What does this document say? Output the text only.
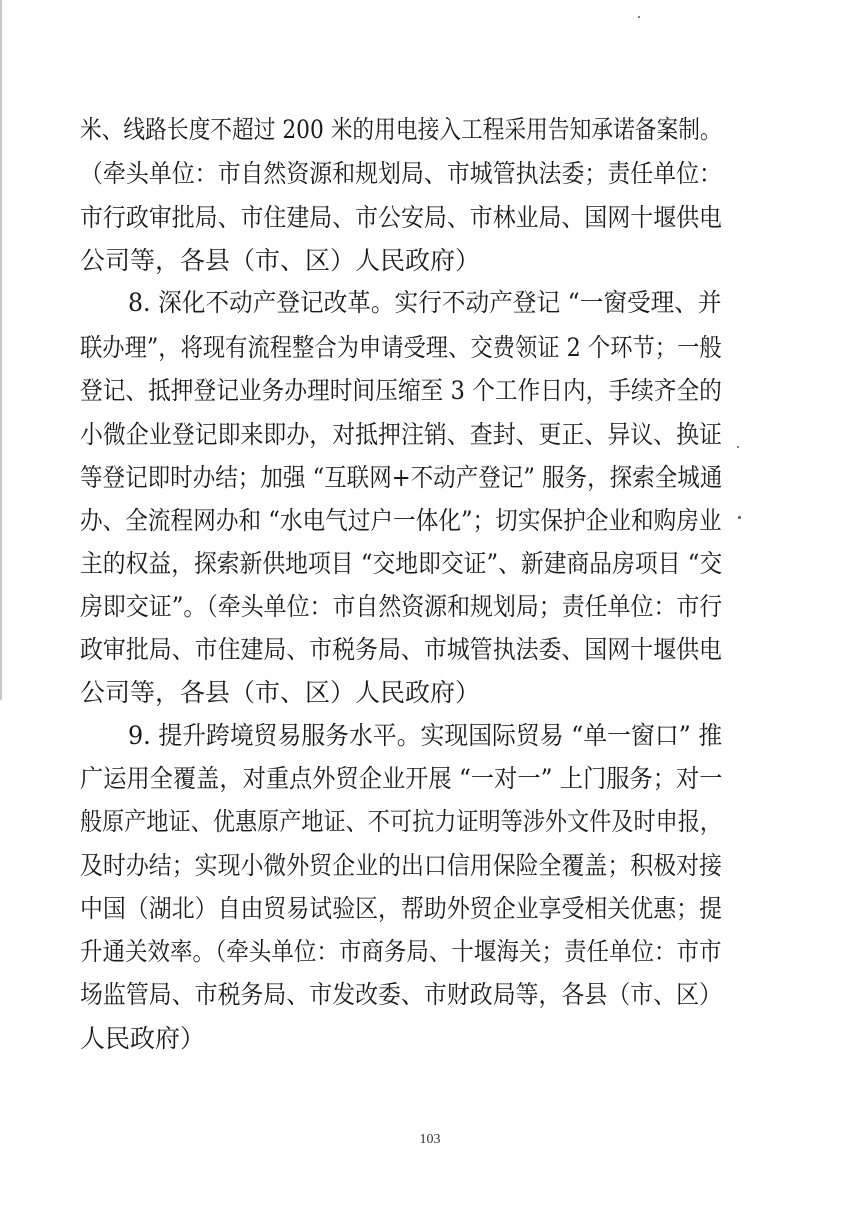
米、线路长度不超过 200 米的用电接入工程采用告知承诺备案制。
（牵头单位：市自然资源和规划局、市城管执法委；责任单位：
市行政审批局、市住建局、市公安局、市林业局、国网十堰供电
公司等，各县（市、区）人民政府）
8. 深化不动产登记改革。实行不动产登记 “一窗受理、并
联办理”，将现有流程整合为申请受理、交费领证 2 个环节；一般
登记、抵押登记业务办理时间压缩至 3 个工作日内，手续齐全的
小微企业登记即来即办，对抵押注销、查封、更正、异议、换证
等登记即时办结；加强 “互联网+不动产登记” 服务，探索全城通
办、全流程网办和 “水电气过户一体化”；切实保护企业和购房业
主的权益，探索新供地项目 “交地即交证”、新建商品房项目 “交
房即交证”。（牵头单位：市自然资源和规划局；责任单位：市行
政审批局、市住建局、市税务局、市城管执法委、国网十堰供电
公司等，各县（市、区）人民政府）
9. 提升跨境贸易服务水平。实现国际贸易 “单一窗口” 推
广运用全覆盖，对重点外贸企业开展 “一对一” 上门服务；对一
般原产地证、优惠原产地证、不可抗力证明等涉外文件及时申报，
及时办结；实现小微外贸企业的出口信用保险全覆盖；积极对接
中国（湖北）自由贸易试验区，帮助外贸企业享受相关优惠；提
升通关效率。（牵头单位：市商务局、十堰海关；责任单位：市市
场监管局、市税务局、市发改委、市财政局等，各县（市、区）
人民政府）
103
